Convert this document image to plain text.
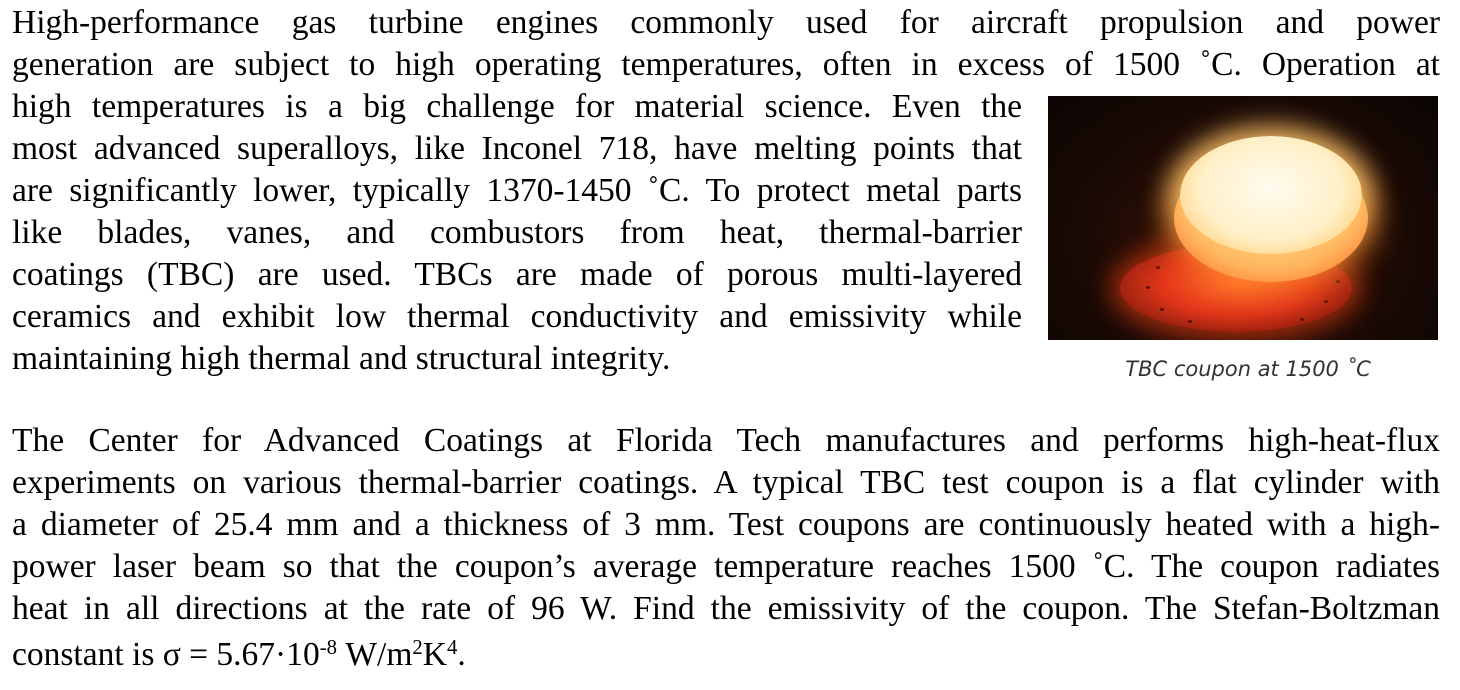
High-performance gas turbine engines commonly used for aircraft propulsion and power
generation are subject to high operating temperatures, often in excess of 1500 ˚C. Operation at
high temperatures is a big challenge for material science. Even the
most advanced superalloys, like Inconel 718, have melting points that
are significantly lower, typically 1370-1450 ˚C. To protect metal parts
like blades, vanes, and combustors from heat, thermal-barrier
coatings (TBC) are used. TBCs are made of porous multi-layered
ceramics and exhibit low thermal conductivity and emissivity while
maintaining high thermal and structural integrity.	TBC coupon at 1500 ˚C
The Center for Advanced Coatings at Florida Tech manufactures and performs high-heat-flux
experiments on various thermal-barrier coatings. A typical TBC test coupon is a flat cylinder with
a diameter of 25.4 mm and a thickness of 3 mm. Test coupons are continuously heated with a high-
power laser beam so that the coupon’s average temperature reaches 1500 ˚C. The coupon radiates
heat in all directions at the rate of 96 W. Find the emissivity of the coupon. The Stefan-Boltzman
constant is $\sigma = 5.67\cdot 10^{-8}$ $W/m^2K^4$.
